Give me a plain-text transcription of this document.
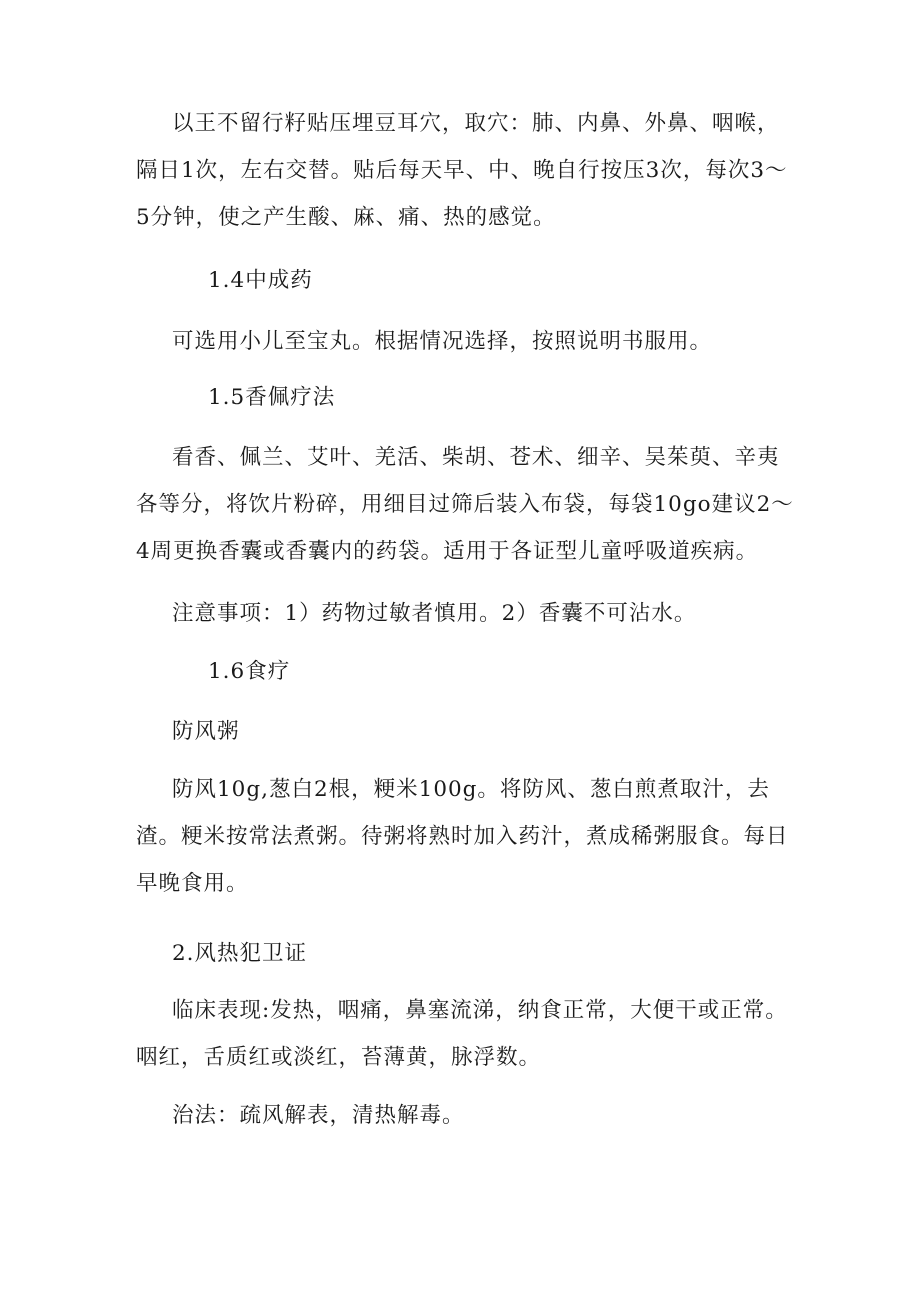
以王不留行籽贴压埋豆耳穴，取穴：肺、内鼻、外鼻、咽喉，隔日1次，左右交替。贴后每天早、中、晚自行按压3次，每次3～5分钟，使之产生酸、麻、痛、热的感觉。

1.4中成药

可选用小儿至宝丸。根据情况选择，按照说明书服用。

1.5香佩疗法

看香、佩兰、艾叶、羌活、柴胡、苍术、细辛、吴茱萸、辛夷各等分，将饮片粉碎，用细目过筛后装入布袋，每袋10go建议2～4周更换香囊或香囊内的药袋。适用于各证型儿童呼吸道疾病。

注意事项：1）药物过敏者慎用。2）香囊不可沾水。

1.6食疗

防风粥

防风10g,葱白2根，粳米100g。将防风、葱白煎煮取汁，去渣。粳米按常法煮粥。待粥将熟时加入药汁，煮成稀粥服食。每日早晚食用。

2.风热犯卫证

临床表现:发热，咽痛，鼻塞流涕，纳食正常，大便干或正常。咽红，舌质红或淡红，苔薄黄，脉浮数。

治法：疏风解表，清热解毒。
